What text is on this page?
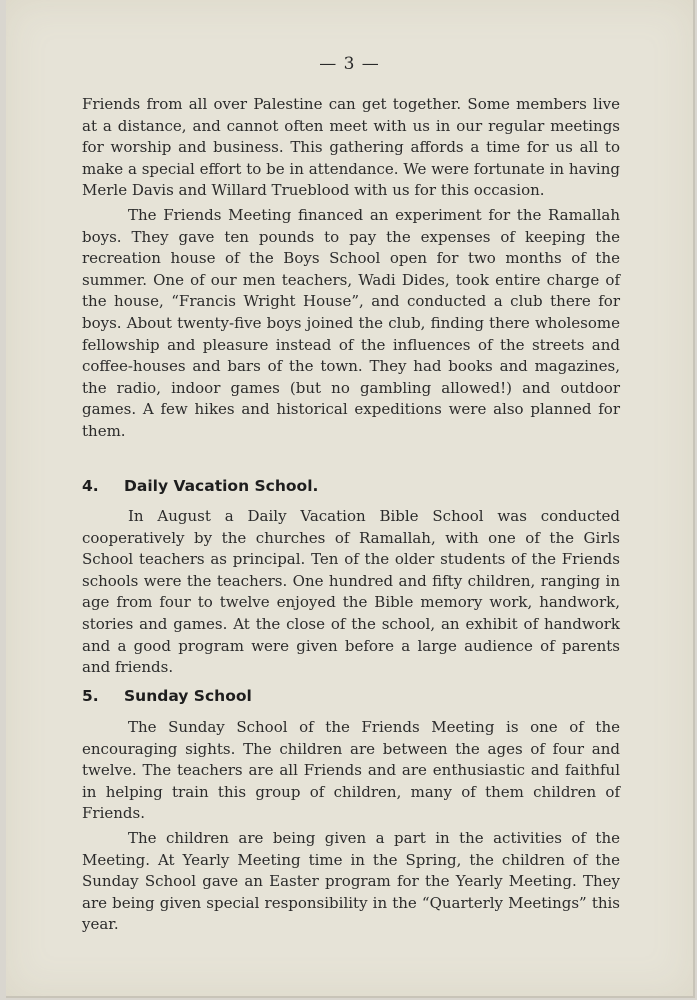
— 3 —

Friends from all over Palestine can get together. Some members live at a distance, and cannot often meet with us in our regular meetings for worship and business. This gathering affords a time for us all to make a special effort to be in attendance. We were fortunate in having Merle Davis and Willard Trueblood with us for this occasion.

The Friends Meeting financed an experiment for the Ramallah boys. They gave ten pounds to pay the expenses of keeping the recreation house of the Boys School open for two months of the summer. One of our men teachers, Wadi Dides, took entire charge of the house, “Francis Wright House”, and conducted a club there for boys. About twenty-five boys joined the club, finding there wholesome fellowship and pleasure instead of the influences of the streets and coffee-houses and bars of the town. They had books and magazines, the radio, indoor games (but no gambling allowed!) and outdoor games. A few hikes and historical expeditions were also planned for them.

4. Daily Vacation School.

In August a Daily Vacation Bible School was conducted cooperatively by the churches of Ramallah, with one of the Girls School teachers as principal. Ten of the older students of the Friends schools were the teachers. One hundred and fifty children, ranging in age from four to twelve enjoyed the Bible memory work, handwork, stories and games. At the close of the school, an exhibit of handwork and a good program were given before a large audience of parents and friends.

5. Sunday School

The Sunday School of the Friends Meeting is one of the encouraging sights. The children are between the ages of four and twelve. The teachers are all Friends and are enthusiastic and faithful in helping train this group of children, many of them children of Friends.

The children are being given a part in the activities of the Meeting. At Yearly Meeting time in the Spring, the children of the Sunday School gave an Easter program for the Yearly Meeting. They are being given special responsibility in the “Quarterly Meetings” this year.
